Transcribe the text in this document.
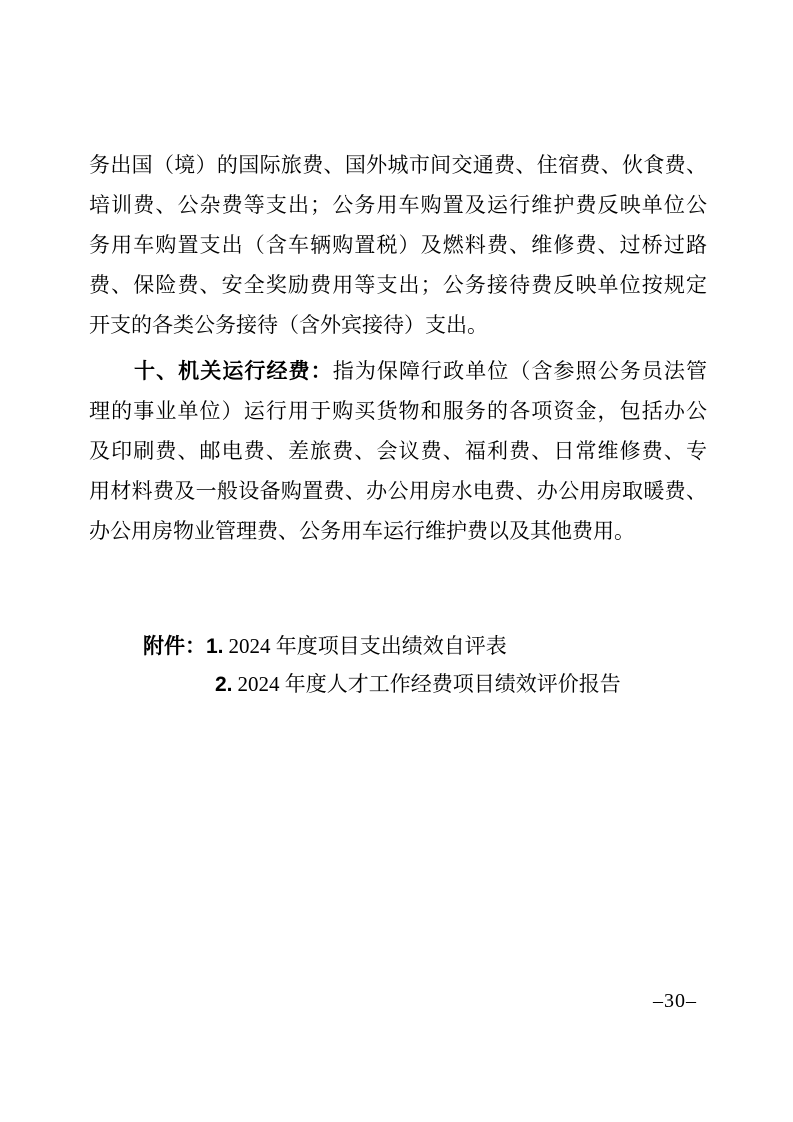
务出国（境）的国际旅费、国外城市间交通费、住宿费、伙食费、
培训费、公杂费等支出；公务用车购置及运行维护费反映单位公
务用车购置支出（含车辆购置税）及燃料费、维修费、过桥过路
费、保险费、安全奖励费用等支出；公务接待费反映单位按规定
开支的各类公务接待（含外宾接待）支出。
十、机关运行经费：指为保障行政单位（含参照公务员法管
理的事业单位）运行用于购买货物和服务的各项资金，包括办公
及印刷费、邮电费、差旅费、会议费、福利费、日常维修费、专
用材料费及一般设备购置费、办公用房水电费、办公用房取暖费、
办公用房物业管理费、公务用车运行维护费以及其他费用。
附件：1. 2024 年度项目支出绩效自评表
2. 2024 年度人才工作经费项目绩效评价报告
–30–
